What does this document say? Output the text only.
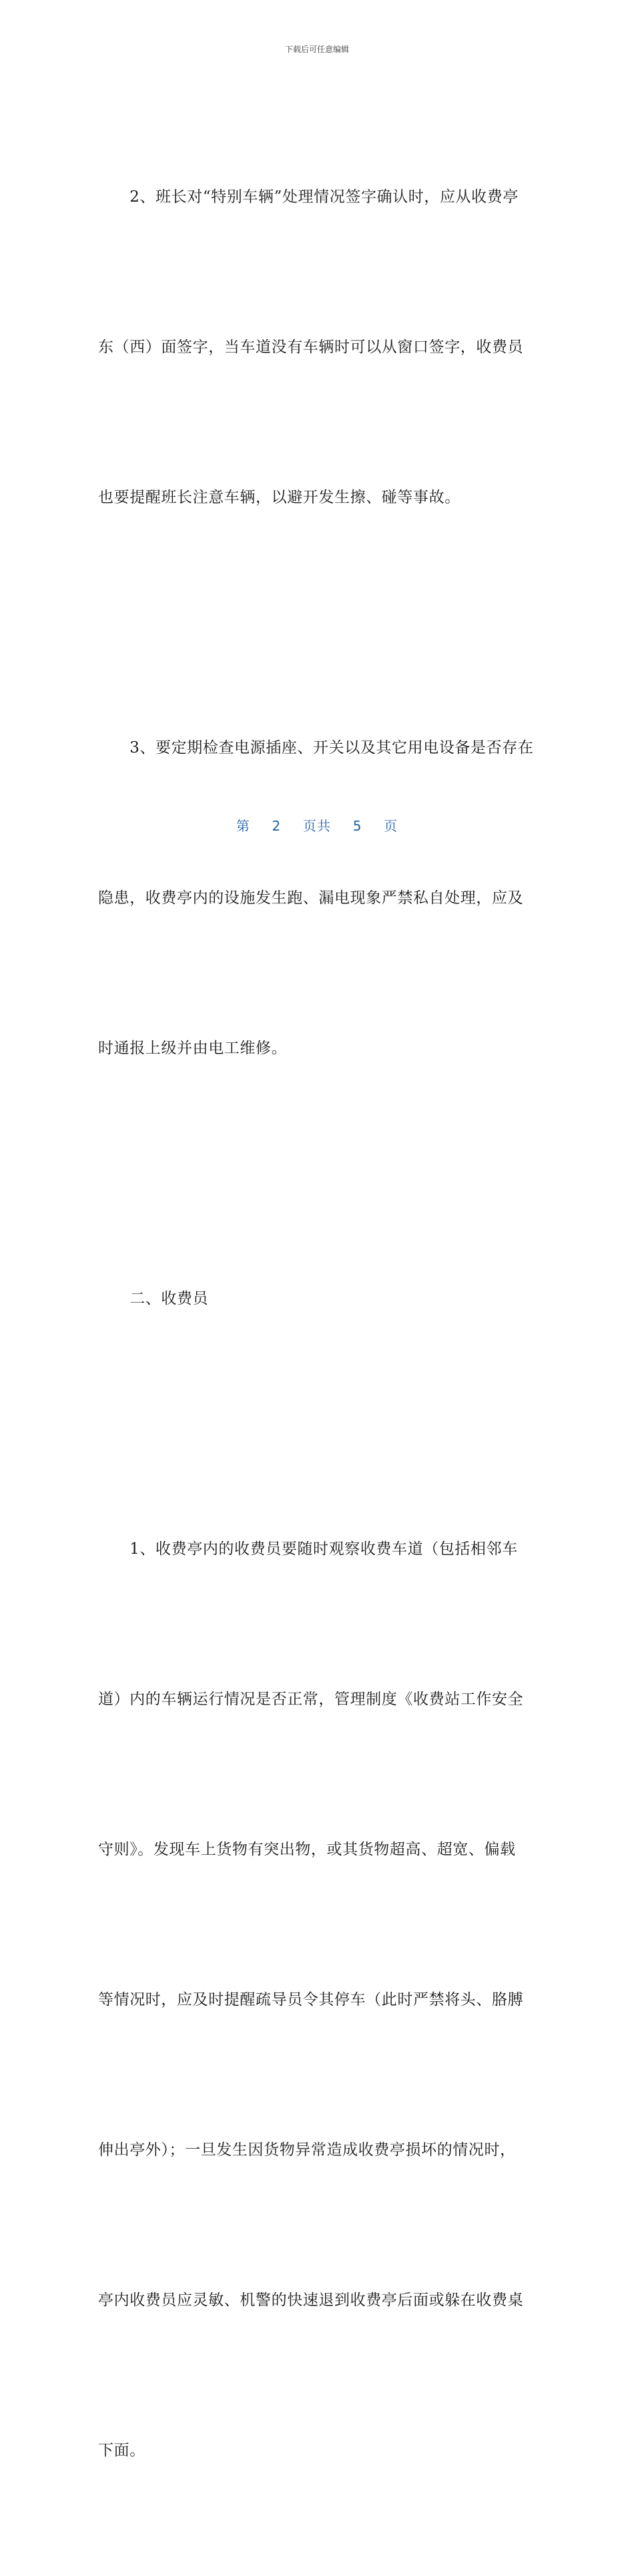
下载后可任意编辑

　　2、班长对“特别车辆”处理情况签字确认时，应从收费亭

东（西）面签字，当车道没有车辆时可以从窗口签字，收费员

也要提醒班长注意车辆，以避开发生擦、碰等事故。

　　3、要定期检查电源插座、开关以及其它用电设备是否存在

隐患，收费亭内的设施发生跑、漏电现象严禁私自处理，应及

时通报上级并由电工维修。

　　二、收费员

　　1、收费亭内的收费员要随时观察收费车道（包括相邻车

道）内的车辆运行情况是否正常，管理制度《收费站工作安全

守则》。发现车上货物有突出物，或其货物超高、超宽、偏载

等情况时，应及时提醒疏导员令其停车（此时严禁将头、胳膊

伸出亭外）；一旦发生因货物异常造成收费亭损坏的情况时，

亭内收费员应灵敏、机警的快速退到收费亭后面或躲在收费桌

下面。

第 2 页共 5 页
